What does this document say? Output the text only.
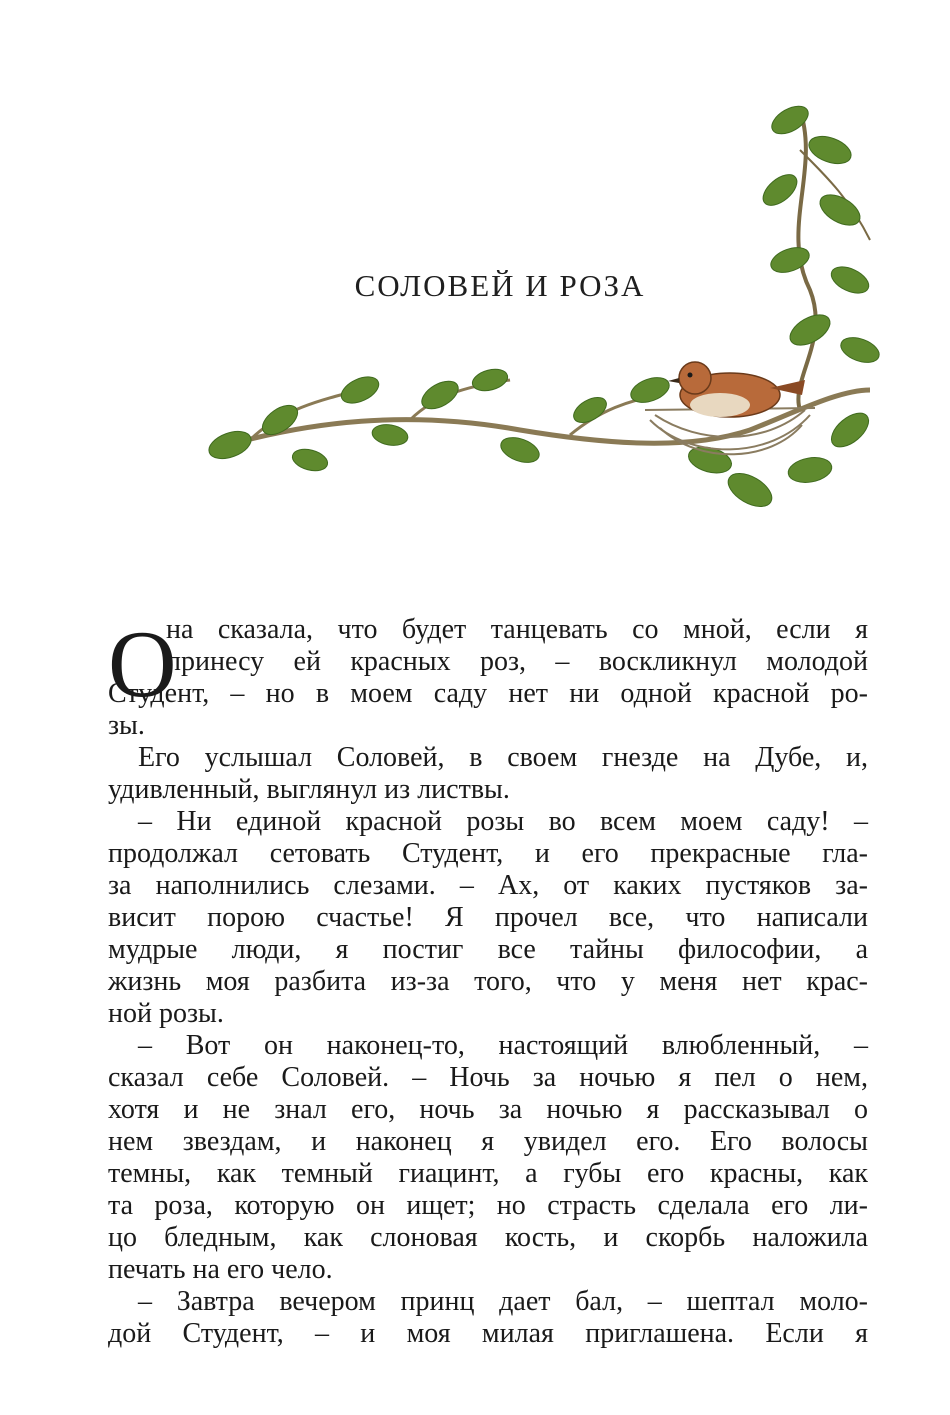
СОЛОВЕЙ И РОЗА
О
на сказала, что будет танцевать со мной, если я
принесу ей красных роз, – воскликнул молодой
Студент, – но в моем саду нет ни одной красной ро-
зы.
Его услышал Соловей, в своем гнезде на Дубе, и,
удивленный, выглянул из листвы.
– Ни единой красной розы во всем моем саду! –
продолжал сетовать Студент, и его прекрасные гла-
за наполнились слезами. – Ах, от каких пустяков за-
висит порою счастье! Я прочел все, что написали
мудрые люди, я постиг все тайны философии, а
жизнь моя разбита из-за того, что у меня нет крас-
ной розы.
– Вот он наконец-то, настоящий влюбленный, –
сказал себе Соловей. – Ночь за ночью я пел о нем,
хотя и не знал его, ночь за ночью я рассказывал о
нем звездам, и наконец я увидел его. Его волосы
темны, как темный гиацинт, а губы его красны, как
та роза, которую он ищет; но страсть сделала его ли-
цо бледным, как слоновая кость, и скорбь наложила
печать на его чело.
– Завтра вечером принц дает бал, – шептал моло-
дой Студент, – и моя милая приглашена. Если я
